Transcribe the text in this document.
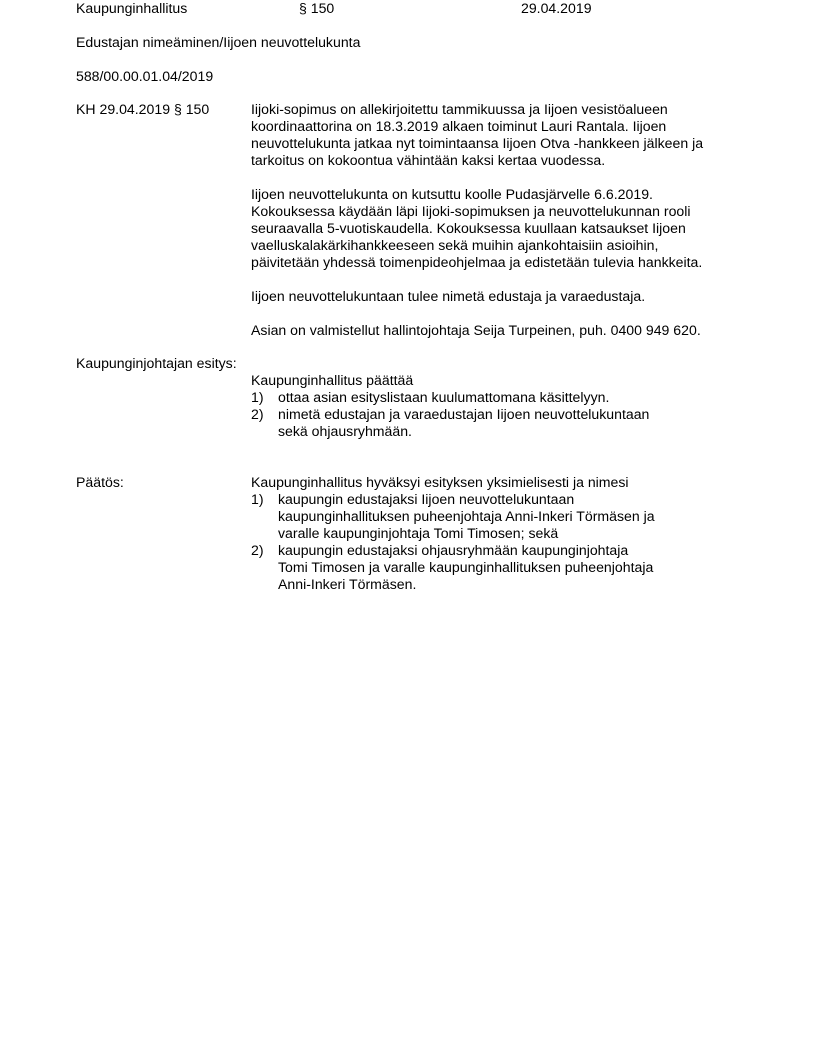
Kaupunginhallitus	§ 150	29.04.2019
Edustajan nimeäminen/Iijoen neuvottelukunta
588/00.00.01.04/2019
KH 29.04.2019 § 150	Iijoki-sopimus on allekirjoitettu tammikuussa ja Iijoen vesistöalueen
koordinaattorina on 18.3.2019 alkaen toiminut Lauri Rantala. Iijoen
neuvottelukunta jatkaa nyt toimintaansa Iijoen Otva -hankkeen jälkeen ja
tarkoitus on kokoontua vähintään kaksi kertaa vuodessa.
Iijoen neuvottelukunta on kutsuttu koolle Pudasjärvelle 6.6.2019.
Kokouksessa käydään läpi Iijoki-sopimuksen ja neuvottelukunnan rooli
seuraavalla 5-vuotiskaudella. Kokouksessa kuullaan katsaukset Iijoen
vaelluskalakärkihankkeeseen sekä muihin ajankohtaisiin asioihin,
päivitetään yhdessä toimenpideohjelmaa ja edistetään tulevia hankkeita.
Iijoen neuvottelukuntaan tulee nimetä edustaja ja varaedustaja.
Asian on valmistellut hallintojohtaja Seija Turpeinen, puh. 0400 949 620.
Kaupunginjohtajan esitys:
Kaupunginhallitus päättää
1)	ottaa asian esityslistaan kuulumattomana käsittelyyn.
2)	nimetä edustajan ja varaedustajan Iijoen neuvottelukuntaan
sekä ohjausryhmään.
Päätös:	Kaupunginhallitus hyväksyi esityksen yksimielisesti ja nimesi
1)	kaupungin edustajaksi Iijoen neuvottelukuntaan
kaupunginhallituksen puheenjohtaja Anni-Inkeri Törmäsen ja
varalle kaupunginjohtaja Tomi Timosen; sekä
2)	kaupungin edustajaksi ohjausryhmään kaupunginjohtaja
Tomi Timosen ja varalle kaupunginhallituksen puheenjohtaja
Anni-Inkeri Törmäsen.
